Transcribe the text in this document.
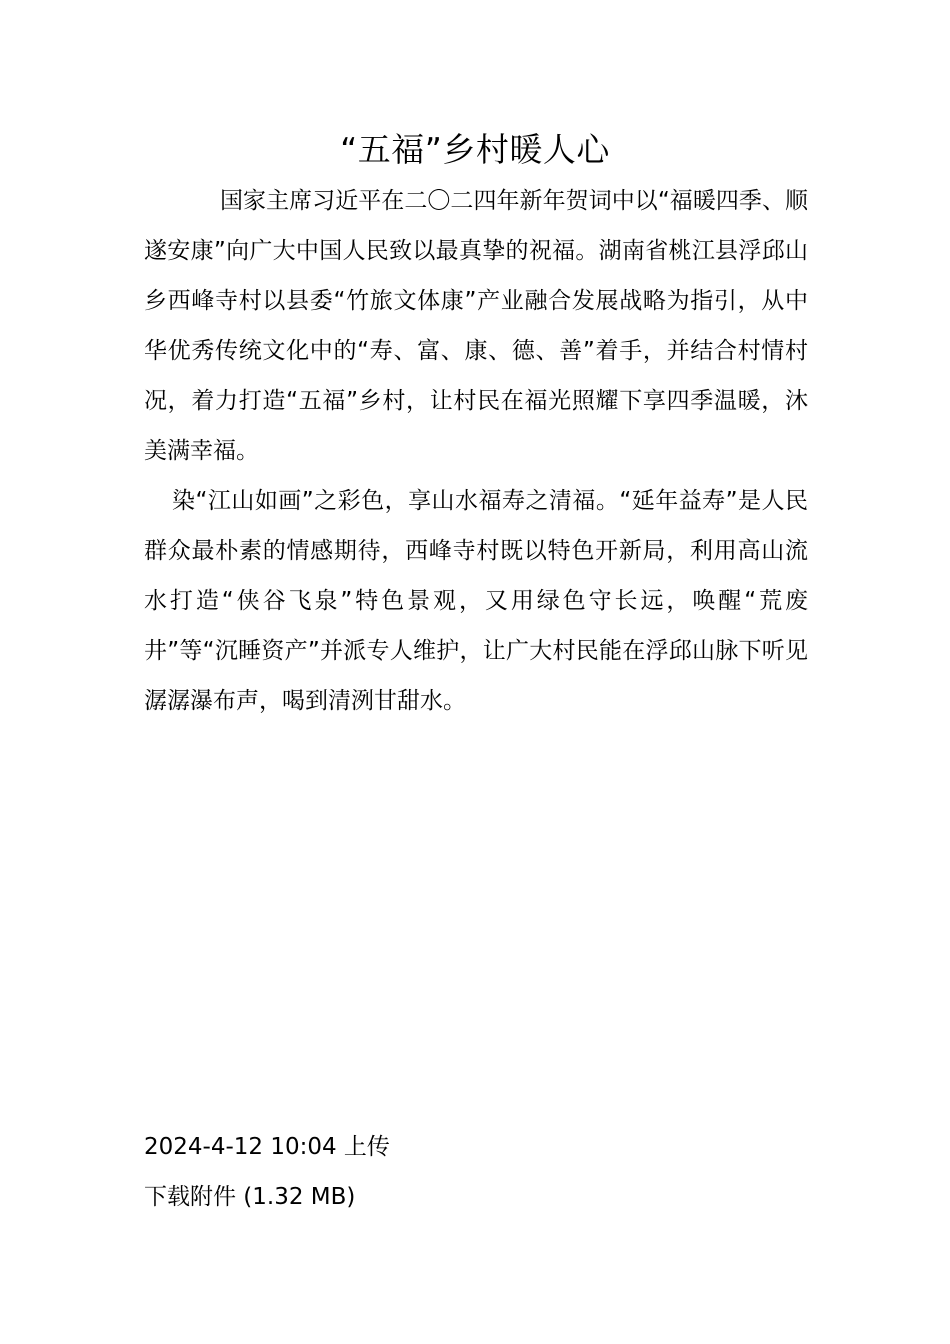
“五福”乡村暖人心

国家主席习近平在二〇二四年新年贺词中以“福暖四季、顺遂安康”向广大中国人民致以最真挚的祝福。湖南省桃江县浮邱山乡西峰寺村以县委“竹旅文体康”产业融合发展战略为指引，从中华优秀传统文化中的“寿、富、康、德、善”着手，并结合村情村况，着力打造“五福”乡村，让村民在福光照耀下享四季温暖，沐美满幸福。

染“江山如画”之彩色，享山水福寿之清福。“延年益寿”是人民群众最朴素的情感期待，西峰寺村既以特色开新局，利用高山流水打造“侠谷飞泉”特色景观，又用绿色守长远，唤醒“荒废井”等“沉睡资产”并派专人维护，让广大村民能在浮邱山脉下听见潺潺瀑布声，喝到清洌甘甜水。

2024-4-12 10:04 上传
下载附件 (1.32 MB)
